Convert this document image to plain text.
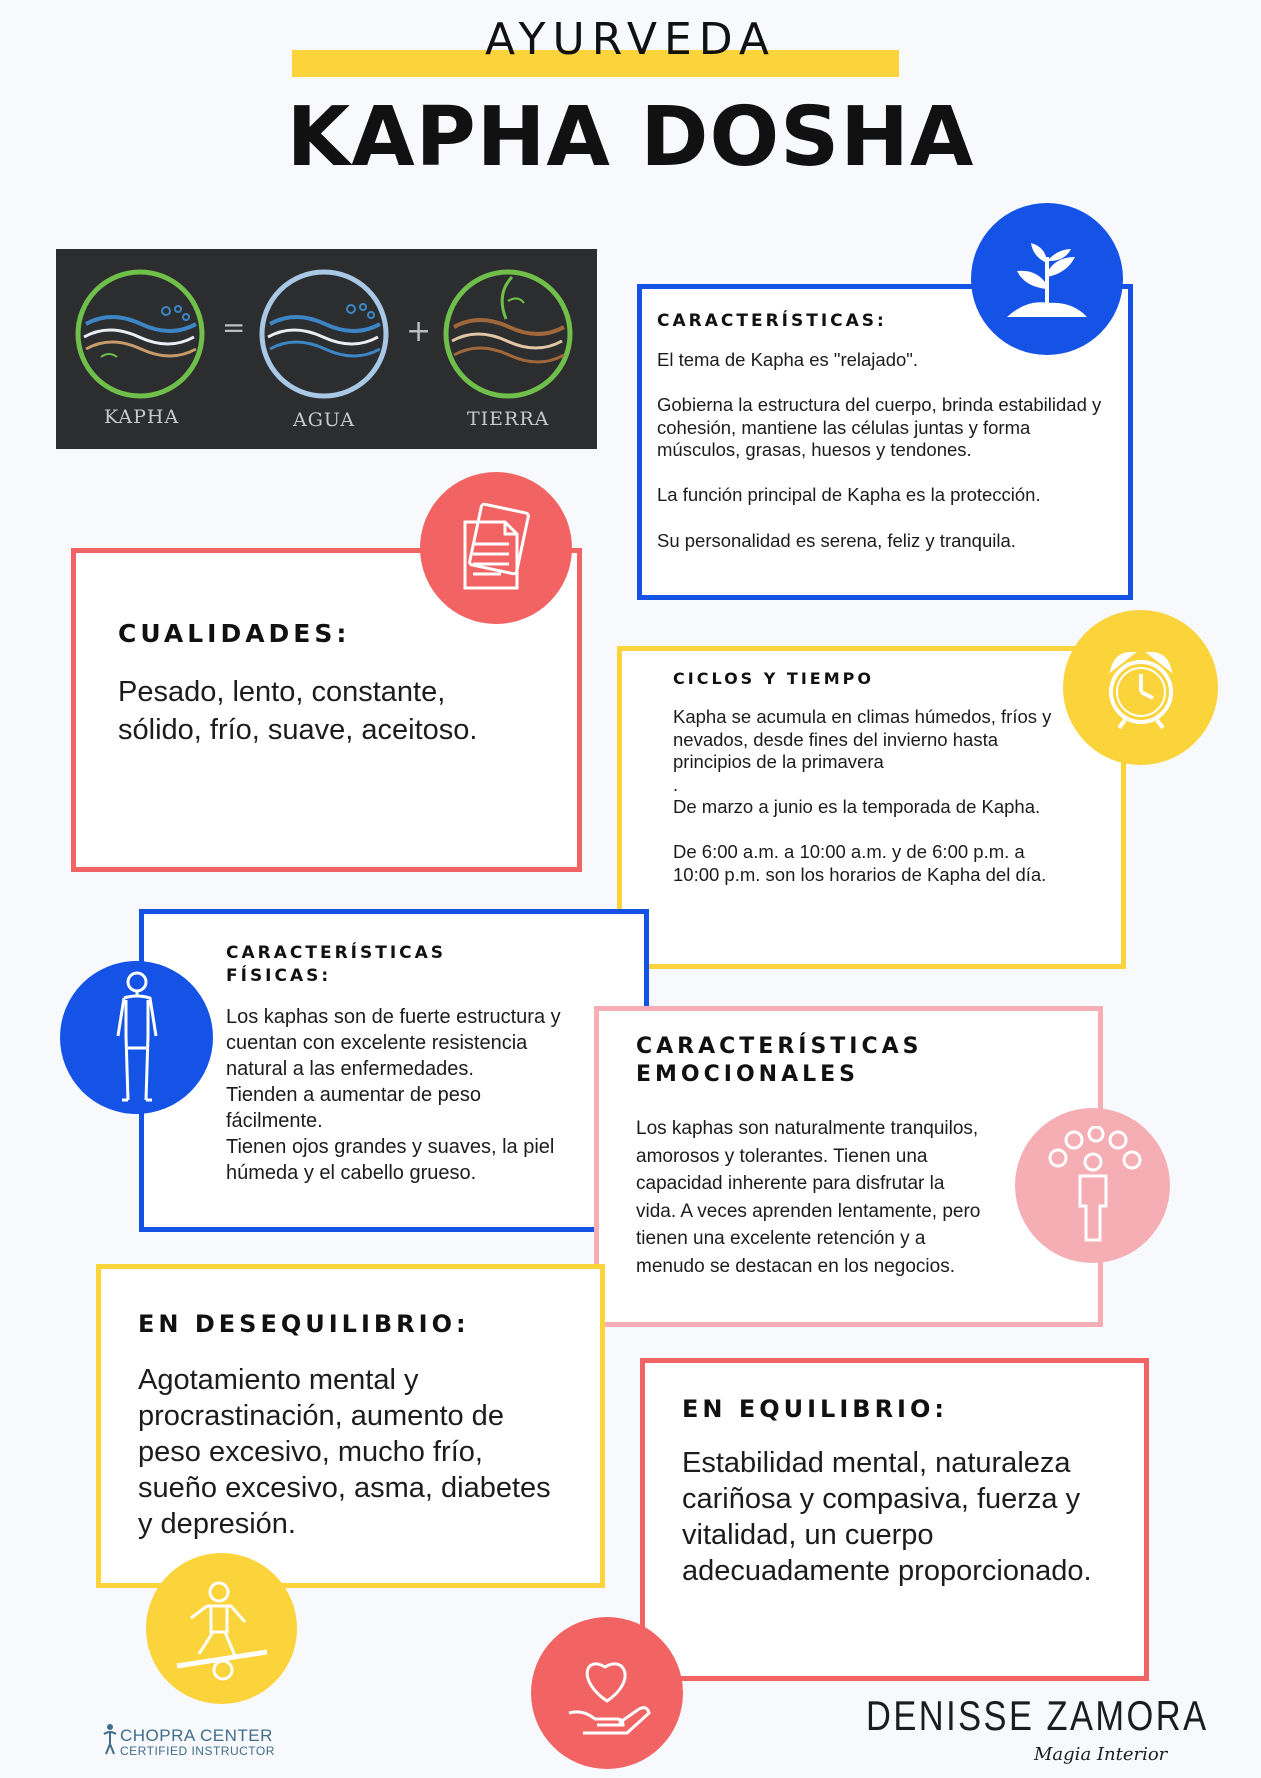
AYURVEDA
KAPHA DOSHA
=	+
KAPHA	AGUA	TIERRA
CARACTERÍSTICAS:
El tema de Kapha es "relajado".

Gobierna la estructura del cuerpo, brinda estabilidad y cohesión, mantiene las células juntas y forma músculos, grasas, huesos y tendones.

La función principal de Kapha es la protección.

Su personalidad es serena, feliz y tranquila.
CUALIDADES:
Pesado, lento, constante, sólido, frío, suave, aceitoso.
CICLOS Y TIEMPO
Kapha se acumula en climas húmedos, fríos y nevados, desde fines del invierno hasta principios de la primavera
.
De marzo a junio es la temporada de Kapha.

De 6:00 a.m. a 10:00 a.m. y de 6:00 p.m. a 10:00 p.m. son los horarios de Kapha del día.
CARACTERÍSTICAS
FÍSICAS:
Los kaphas son de fuerte estructura y cuentan con excelente resistencia natural a las enfermedades.
Tienden a aumentar de peso fácilmente.
Tienen ojos grandes y suaves, la piel húmeda y el cabello grueso.
CARACTERÍSTICAS
EMOCIONALES
Los kaphas son naturalmente tranquilos, amorosos y tolerantes. Tienen una capacidad inherente para disfrutar la vida. A veces aprenden lentamente, pero tienen una excelente retención y a menudo se destacan en los negocios.
EN DESEQUILIBRIO:
Agotamiento mental y procrastinación, aumento de peso excesivo, mucho frío, sueño excesivo, asma, diabetes y depresión.
EN EQUILIBRIO:
Estabilidad mental, naturaleza cariñosa y compasiva, fuerza y vitalidad, un cuerpo adecuadamente proporcionado.
CHOPRA CENTER
CERTIFIED INSTRUCTOR
DENISSE ZAMORA
Magia Interior
